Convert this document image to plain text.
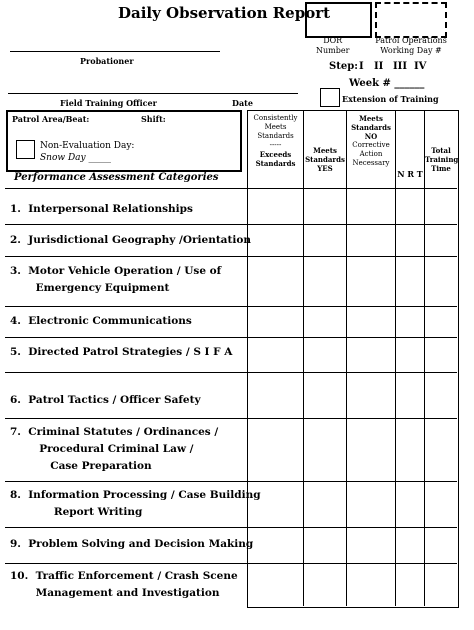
Daily Observation Report
DOR
Number
Patrol Operations
Working Day #
Step: I II III IV
Week # ______
Extension of Training
Probationer
Field Training Officer	Date
Patrol Area/Beat:	Shift:
Non-Evaluation Day:
Snow Day _____
Performance Assessment Categories
Consistently
Meets
Standards
-----
Exceeds
Standards
Meets
Standards
YES
Meets
Standards
NO
Corrective
Action
Necessary
N R T
Total
Training
Time
1.  Interpersonal Relationships
2.  Jurisdictional Geography /Orientation
3.  Motor Vehicle Operation / Use of
Emergency Equipment
4.  Electronic Communications
5.  Directed Patrol Strategies / S I F A
6.  Patrol Tactics / Officer Safety
7.  Criminal Statutes / Ordinances /
Procedural Criminal Law /
Case Preparation
8.  Information Processing / Case Building
Report Writing
9.  Problem Solving and Decision Making
10.  Traffic Enforcement / Crash Scene
Management and Investigation
